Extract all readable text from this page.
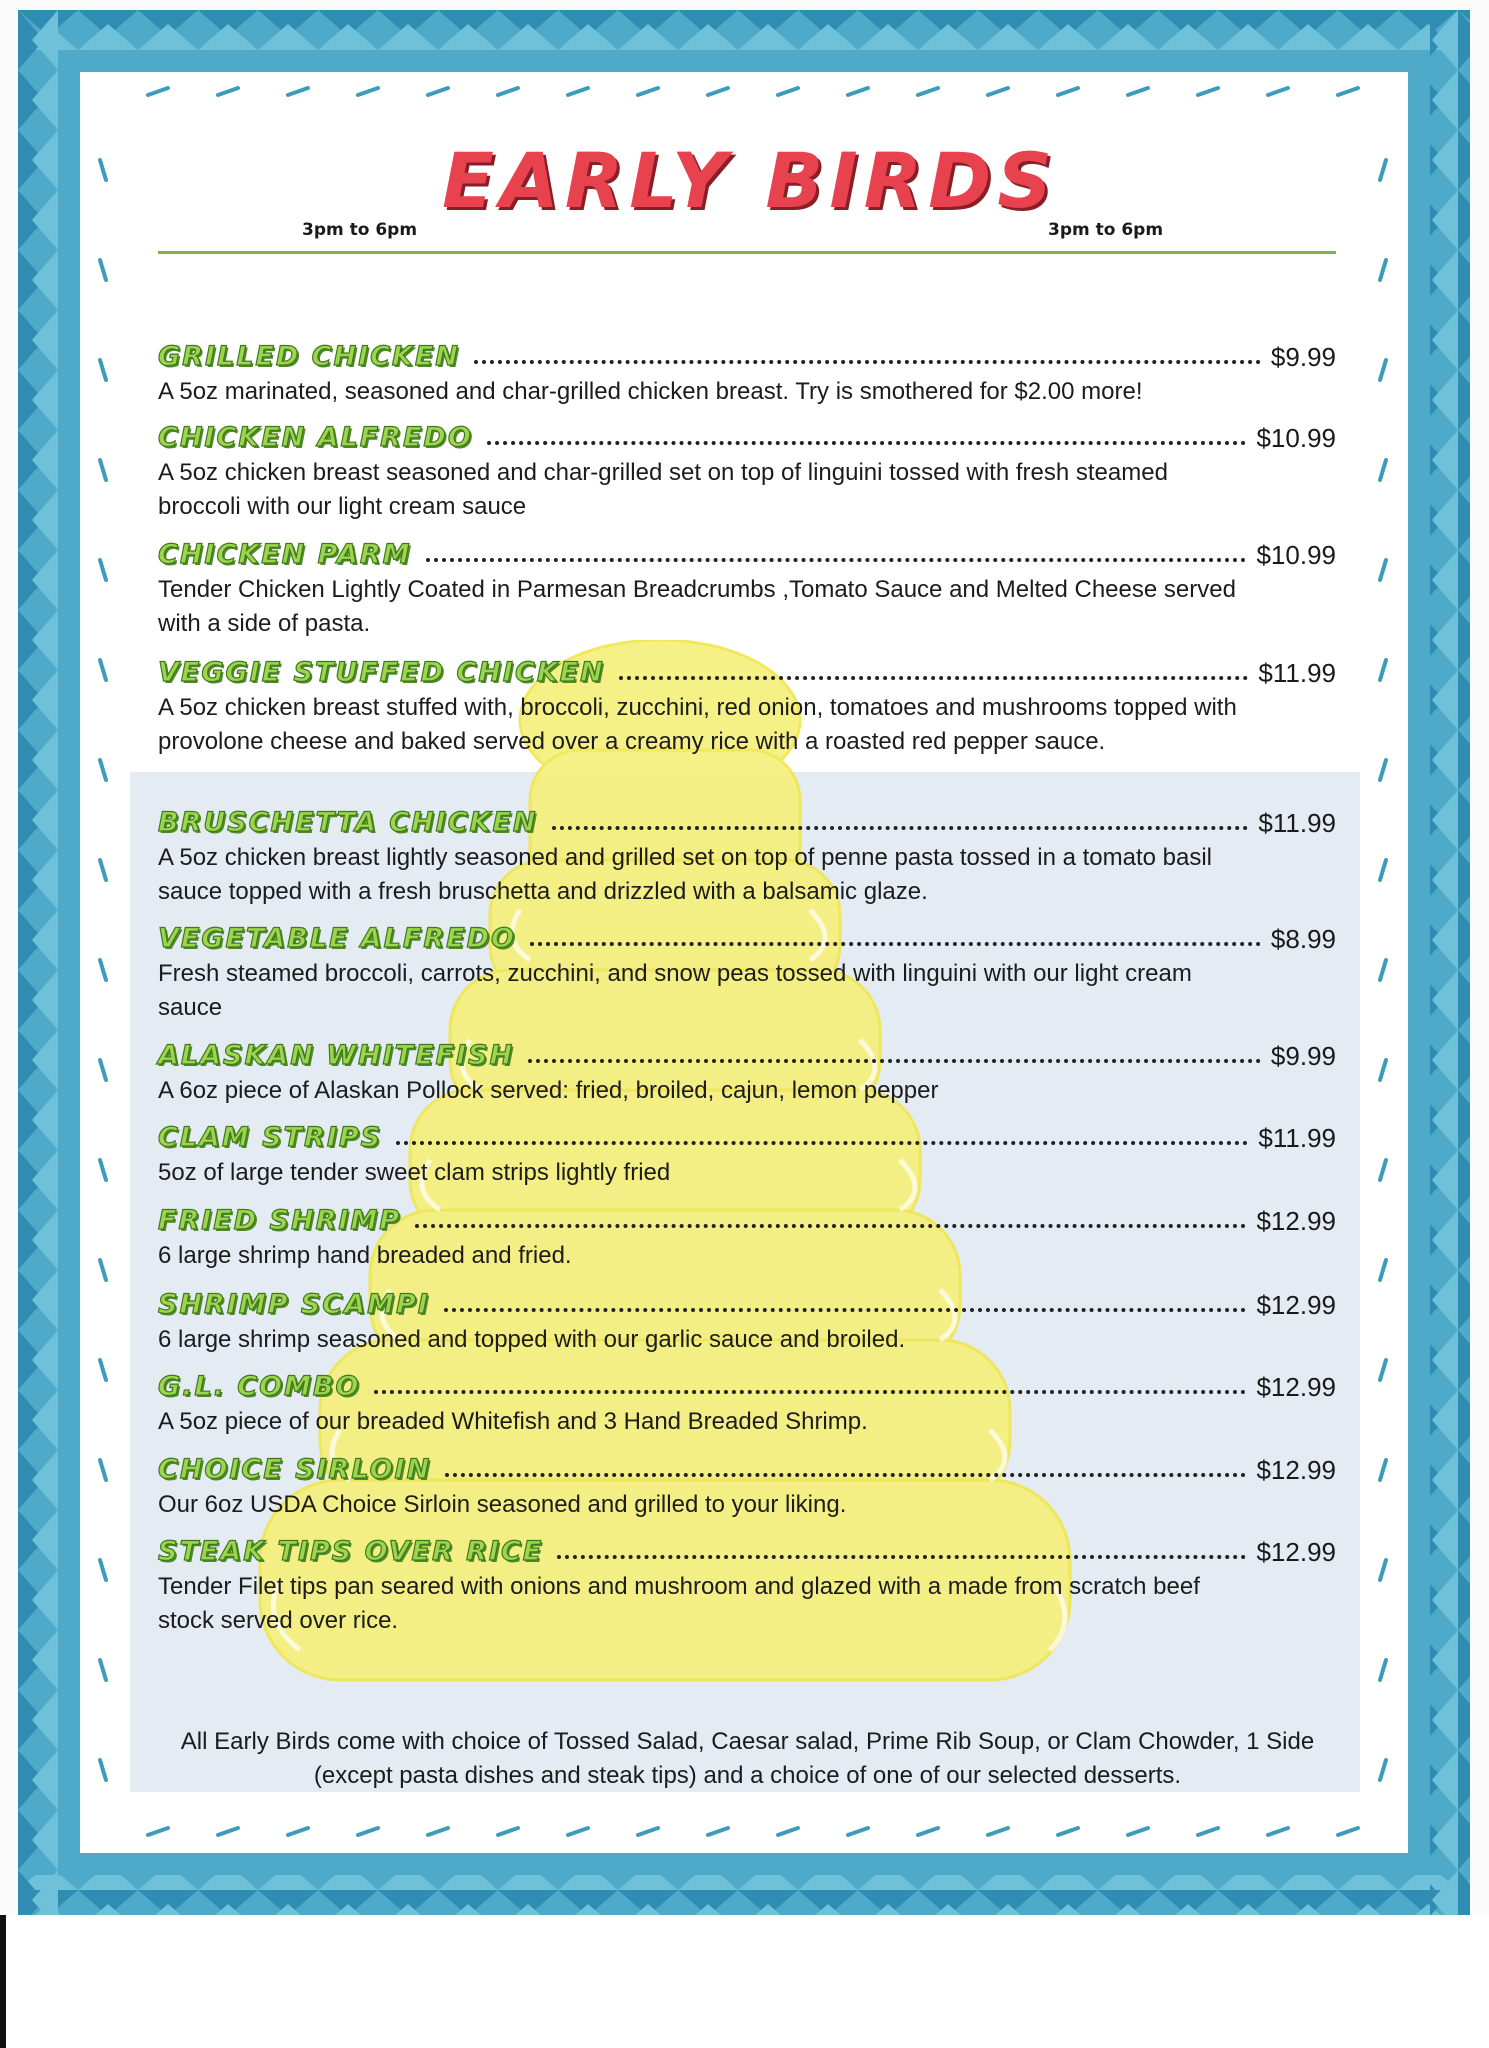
EARLY BIRDS
3pm to 6pm	3pm to 6pm
GRILLED CHICKEN	$9.99
A 5oz marinated, seasoned and char-grilled chicken breast. Try is smothered for $2.00 more!
CHICKEN ALFREDO	$10.99
A 5oz chicken breast seasoned and char-grilled set on top of linguini tossed with fresh steamed broccoli with our light cream sauce
CHICKEN PARM	$10.99
Tender Chicken Lightly Coated in Parmesan Breadcrumbs ,Tomato Sauce and Melted Cheese served with a side of pasta.
VEGGIE STUFFED CHICKEN	$11.99
A 5oz chicken breast stuffed with, broccoli, zucchini, red onion, tomatoes and mushrooms topped with provolone cheese and baked served over a creamy rice with a roasted red pepper sauce.
BRUSCHETTA CHICKEN	$11.99
A 5oz chicken breast lightly seasoned and grilled set on top of penne pasta tossed in a tomato basil sauce topped with a fresh bruschetta and drizzled with a balsamic glaze.
VEGETABLE ALFREDO	$8.99
Fresh steamed broccoli, carrots, zucchini, and snow peas tossed with linguini with our light cream sauce
ALASKAN WHITEFISH	$9.99
A 6oz piece of Alaskan Pollock served: fried, broiled, cajun, lemon pepper
CLAM STRIPS	$11.99
5oz of large tender sweet clam strips lightly fried
FRIED SHRIMP	$12.99
6 large shrimp hand breaded and fried.
SHRIMP SCAMPI	$12.99
6 large shrimp seasoned and topped with our garlic sauce and broiled.
G.L. COMBO	$12.99
A 5oz piece of our breaded Whitefish and 3 Hand Breaded Shrimp.
CHOICE SIRLOIN	$12.99
Our 6oz USDA Choice Sirloin seasoned and grilled to your liking.
STEAK TIPS OVER RICE	$12.99
Tender Filet tips pan seared with onions and mushroom and glazed with a made from scratch beef stock served over rice.
All Early Birds come with choice of Tossed Salad, Caesar salad, Prime Rib Soup, or Clam Chowder, 1 Side (except pasta dishes and steak tips) and a choice of one of our selected desserts.
